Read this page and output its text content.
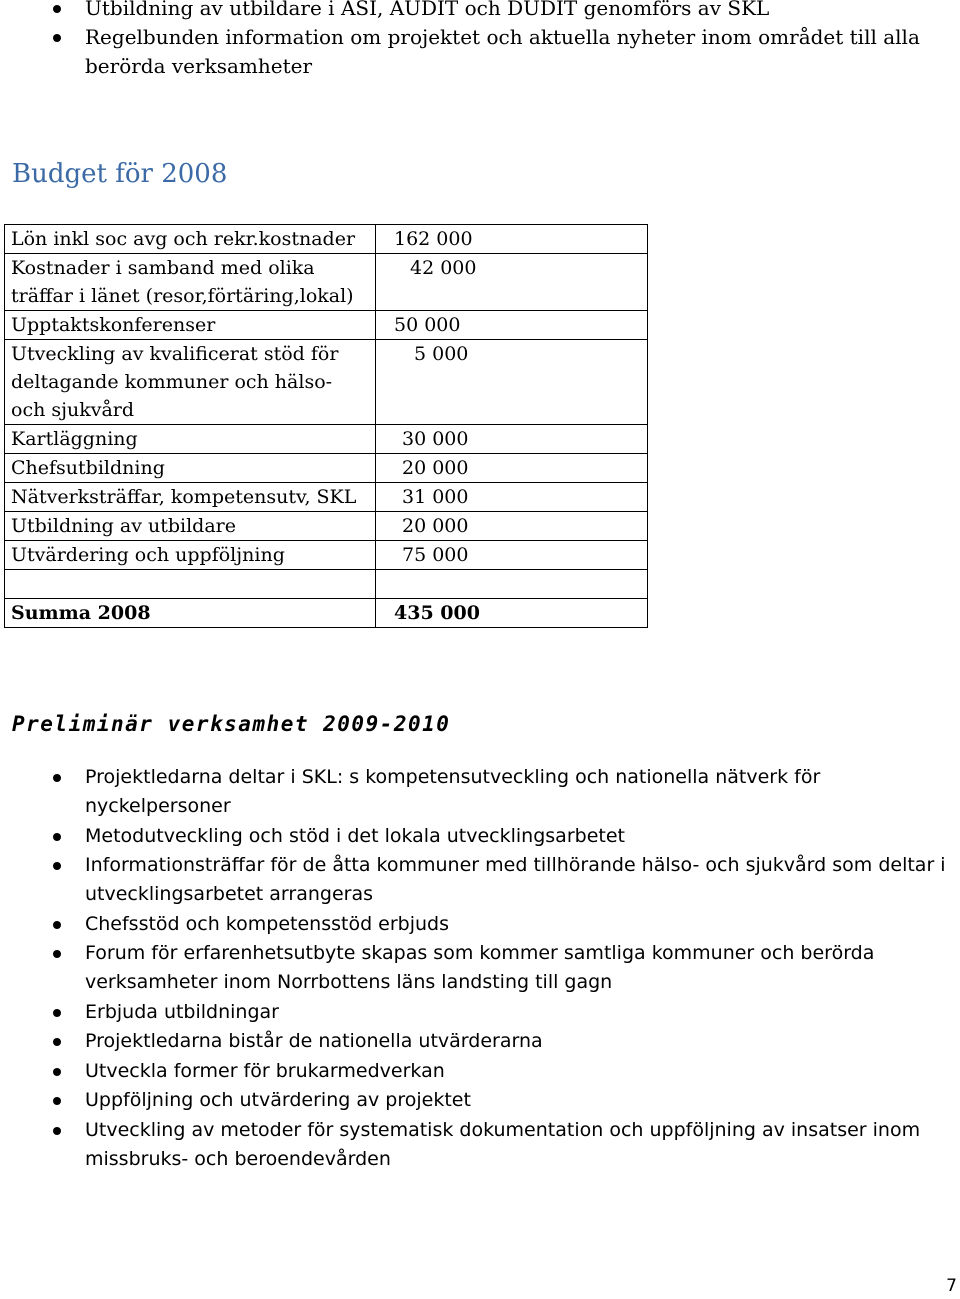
Utbildning av utbildare i ASI, AUDIT och DUDIT genomförs av SKL
Regelbunden information om projektet och aktuella nyheter inom området till alla berörda verksamheter
Budget för 2008
Lön inkl soc avg och rekr.kostnader	162 000
Kostnader i samband med olika träffar i länet (resor,förtäring,lokal)	42 000
Upptaktskonferenser	50 000
Utveckling av kvalificerat stöd för deltagande kommuner och hälso- och sjukvård	5 000
Kartläggning	30 000
Chefsutbildning	20 000
Nätverksträffar, kompetensutv, SKL	31 000
Utbildning av utbildare	20 000
Utvärdering och uppföljning	75 000

Summa 2008	435 000
Preliminär verksamhet 2009-2010
Projektledarna deltar i SKL: s kompetensutveckling och nationella nätverk för nyckelpersoner
Metodutveckling och stöd i det lokala utvecklingsarbetet
Informationsträffar för de åtta kommuner med tillhörande hälso- och sjukvård som deltar i utvecklingsarbetet arrangeras
Chefsstöd och kompetensstöd erbjuds
Forum för erfarenhetsutbyte skapas som kommer samtliga kommuner och berörda verksamheter inom Norrbottens läns landsting till gagn
Erbjuda utbildningar
Projektledarna bistår de nationella utvärderarna
Utveckla former för brukarmedverkan
Uppföljning och utvärdering av projektet
Utveckling av metoder för systematisk dokumentation och uppföljning av insatser inom missbruks- och beroendevården
7
